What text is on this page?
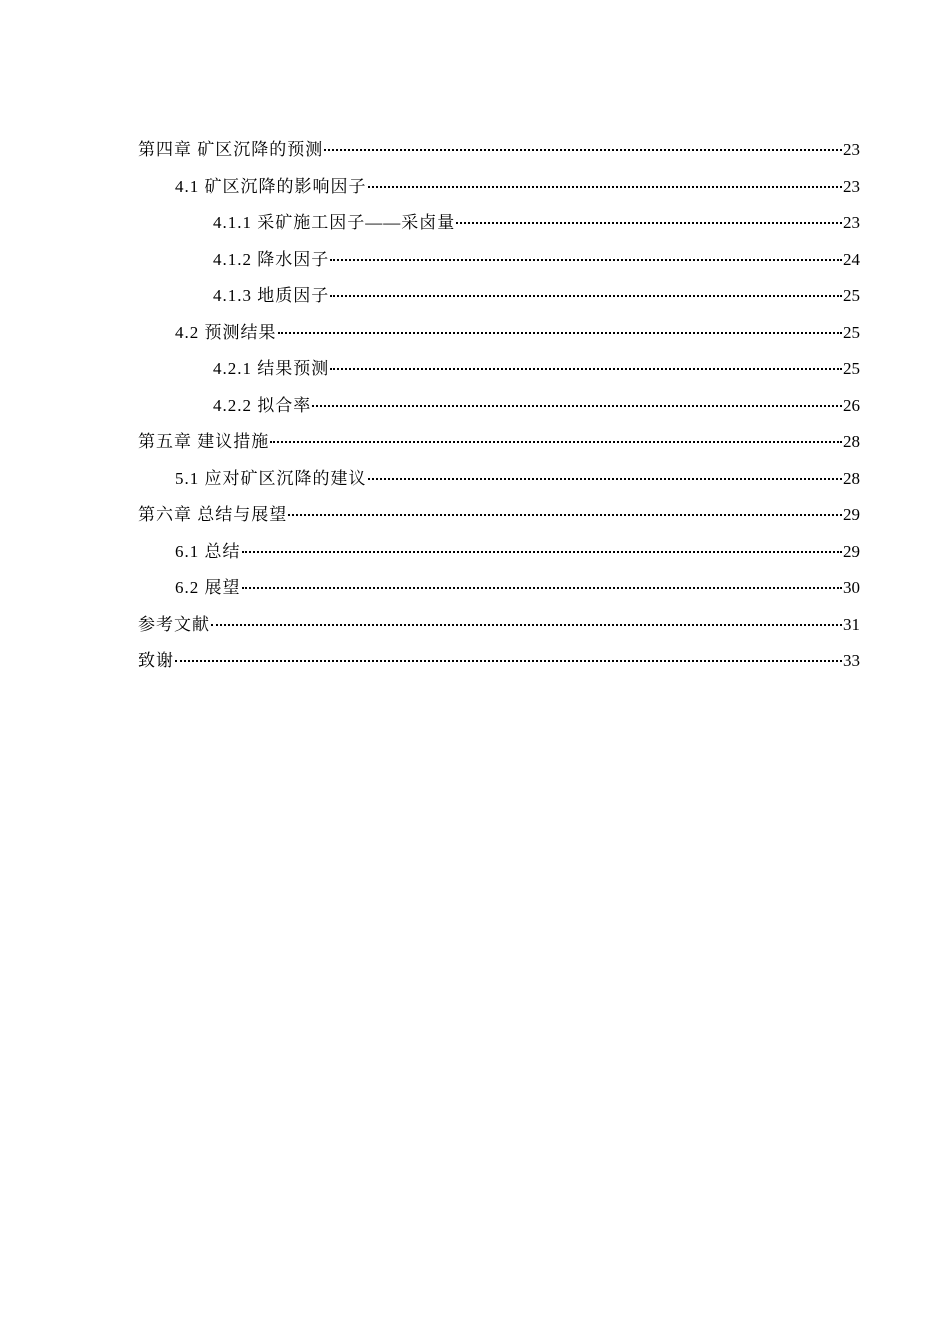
第四章 矿区沉降的预测	23
4.1 矿区沉降的影响因子	23
4.1.1 采矿施工因子——采卤量	23
4.1.2 降水因子	24
4.1.3 地质因子	25
4.2 预测结果	25
4.2.1 结果预测	25
4.2.2 拟合率	26
第五章 建议措施	28
5.1 应对矿区沉降的建议	28
第六章 总结与展望	29
6.1 总结	29
6.2 展望	30
参考文献	31
致谢	33
